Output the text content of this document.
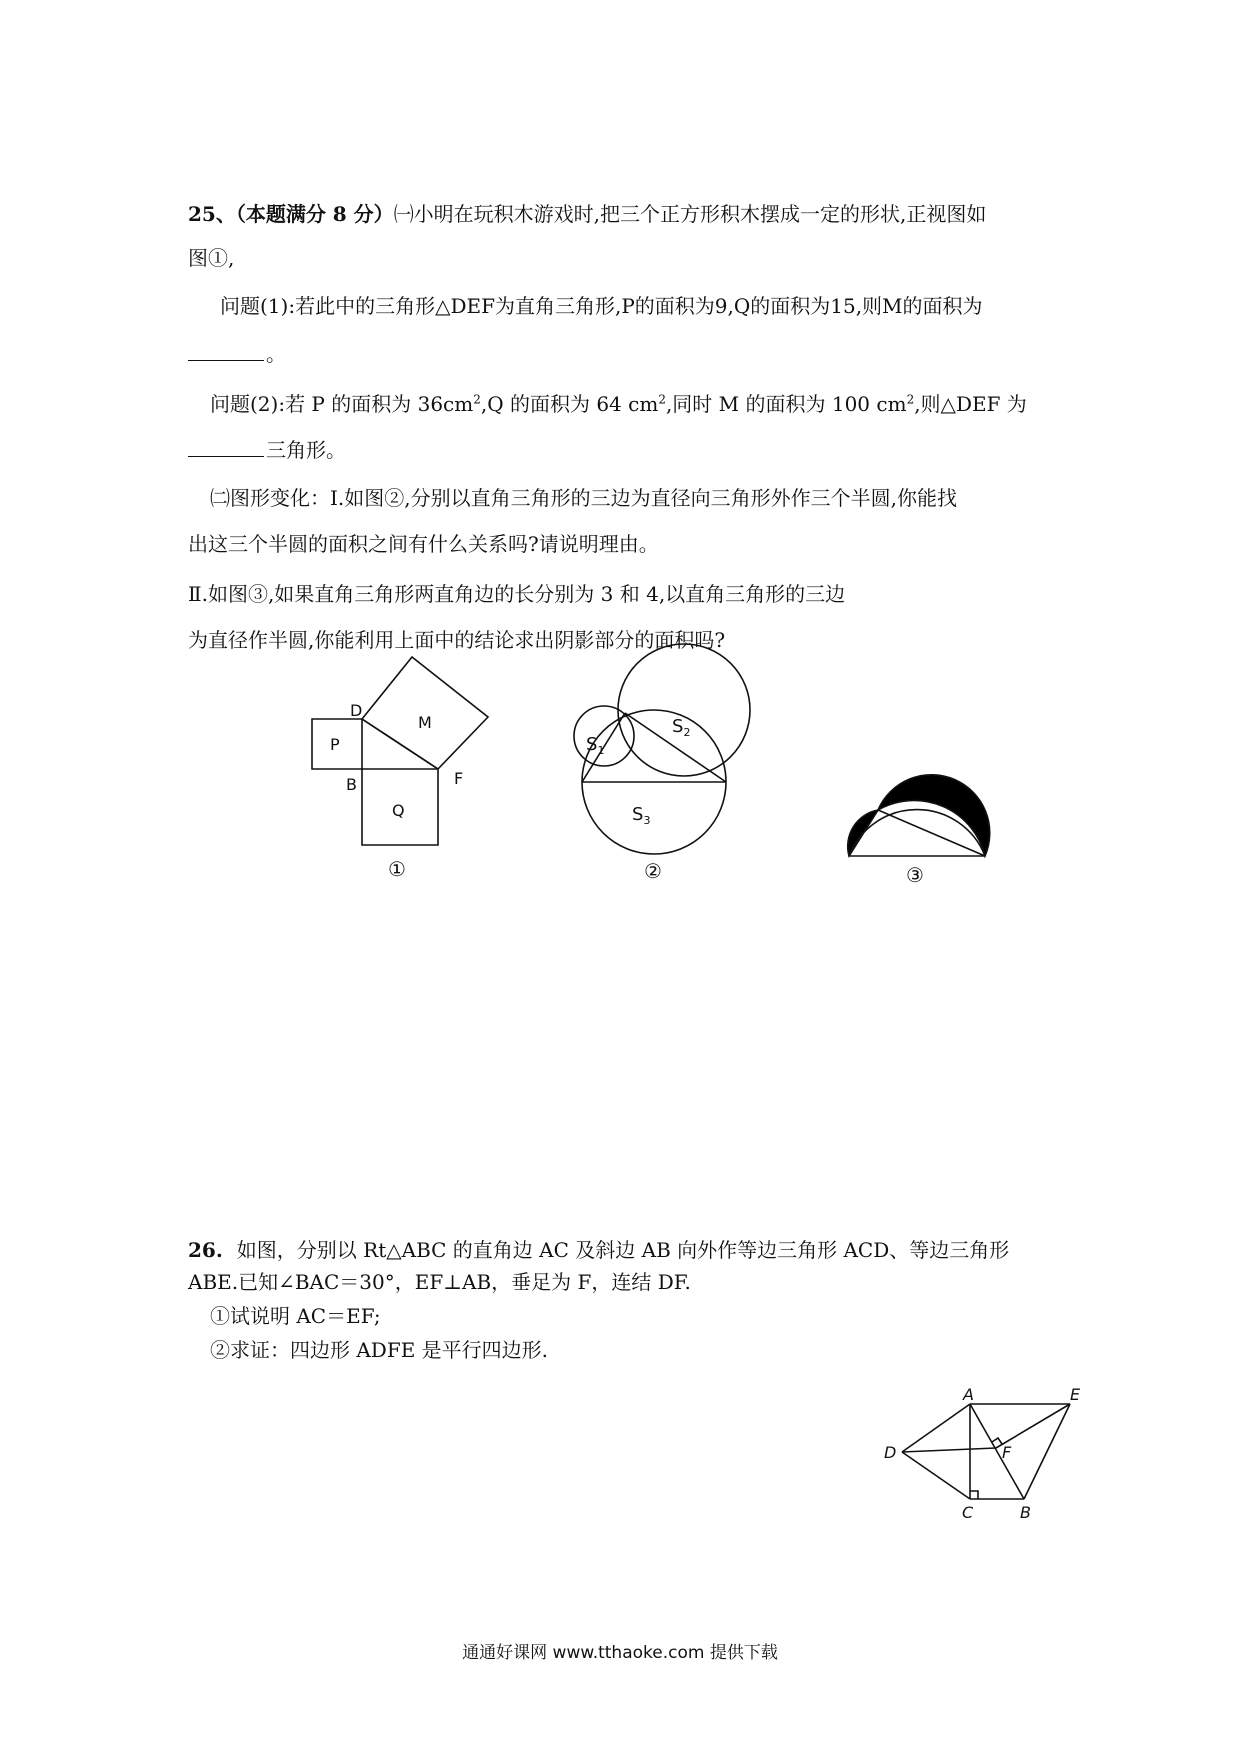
25、（本题满分 8 分）㈠小明在玩积木游戏时,把三个正方形积木摆成一定的形状,正视图如
图①,
问题(1):若此中的三角形△DEF为直角三角形,P的面积为9,Q的面积为15,则M的面积为
。
问题(2):若 P 的面积为 $36cm^2,Q$ 的面积为 64 $cm^2$,同时 M 的面积为 100 $cm^2$,则△DEF 为
三角形。
㈡图形变化：Ⅰ.如图②,分别以直角三角形的三边为直径向三角形外作三个半圆,你能找
出这三个半圆的面积之间有什么关系吗?请说明理由。
Ⅱ.如图③,如果直角三角形两直角边的长分别为 3 和 4,以直角三角形的三边
为直径作半圆,你能利用上面中的结论求出阴影部分的面积吗?
D
M
P
B	F
Q
①
$S_1$
$S_2$
$S_3$
②	③
26. 如图，分别以 Rt△ABC 的直角边 AC 及斜边 AB 向外作等边三角形 ACD、等边三角形
ABE.已知∠BAC＝30°，EF⊥AB，垂足为 F，连结 DF.
①试说明 AC＝EF;
②求证：四边形 ADFE 是平行四边形.
A	E
D	F
C	B
通通好课网 www.tthaoke.com 提供下载
